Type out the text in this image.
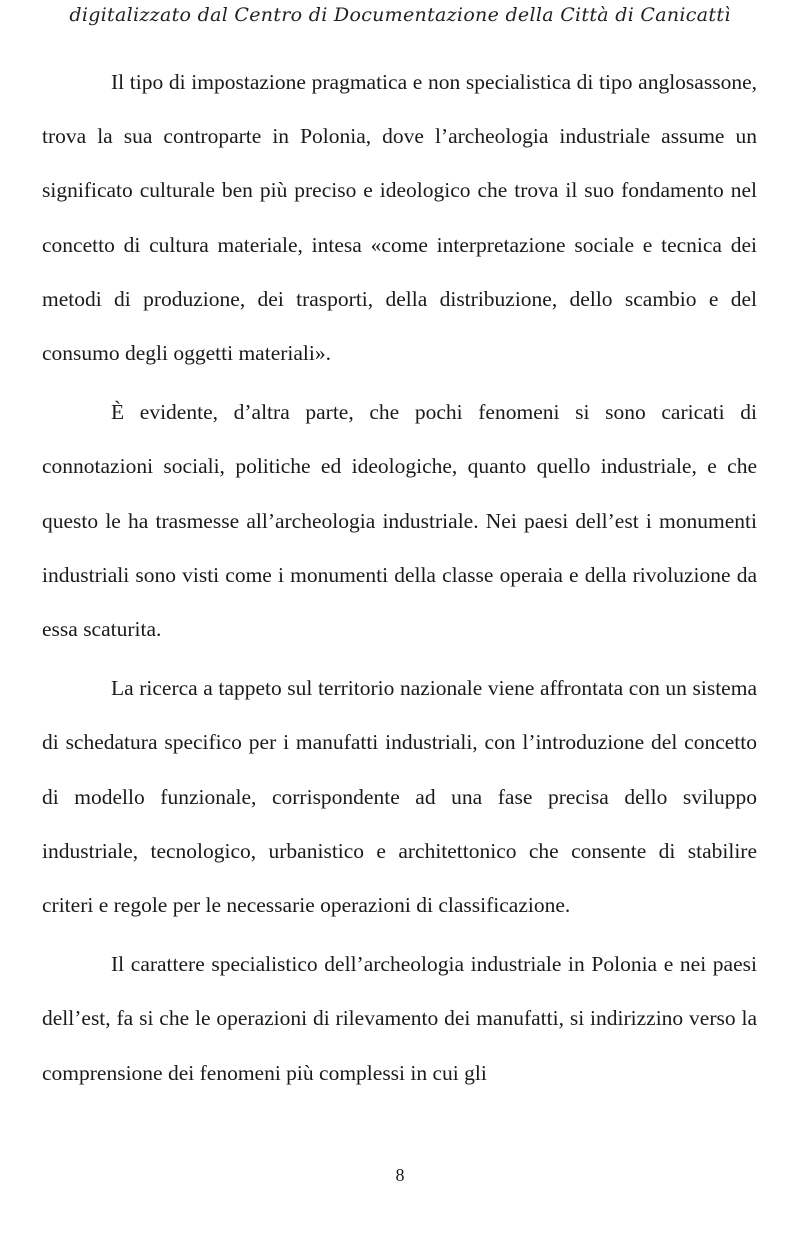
digitalizzato dal Centro di Documentazione della Città di Canicattì

Il tipo di impostazione pragmatica e non specialistica di tipo anglosassone, trova la sua controparte in Polonia, dove l’archeologia industriale assume un significato culturale ben più preciso e ideologico che trova il suo fondamento nel concetto di cultura materiale, intesa «come interpretazione sociale e tecnica dei metodi di produzione, dei trasporti, della distribuzione, dello scambio e del consumo degli oggetti materiali».

È evidente, d’altra parte, che pochi fenomeni si sono caricati di connotazioni sociali, politiche ed ideologiche, quanto quello industriale, e che questo le ha trasmesse all’archeologia industriale. Nei paesi dell’est i monumenti industriali sono visti come i monumenti della classe operaia e della rivoluzione da essa scaturita.

La ricerca a tappeto sul territorio nazionale viene affrontata con un sistema di schedatura specifico per i manufatti industriali, con l’introduzione del concetto di modello funzionale, corrispondente ad una fase precisa dello sviluppo industriale, tecnologico, urbanistico e architettonico che consente di stabilire criteri e regole per le necessarie operazioni di classificazione.

Il carattere specialistico dell’archeologia industriale in Polonia e nei paesi dell’est, fa si che le operazioni di rilevamento dei manufatti, si indirizzino verso la comprensione dei fenomeni più complessi in cui gli

8
